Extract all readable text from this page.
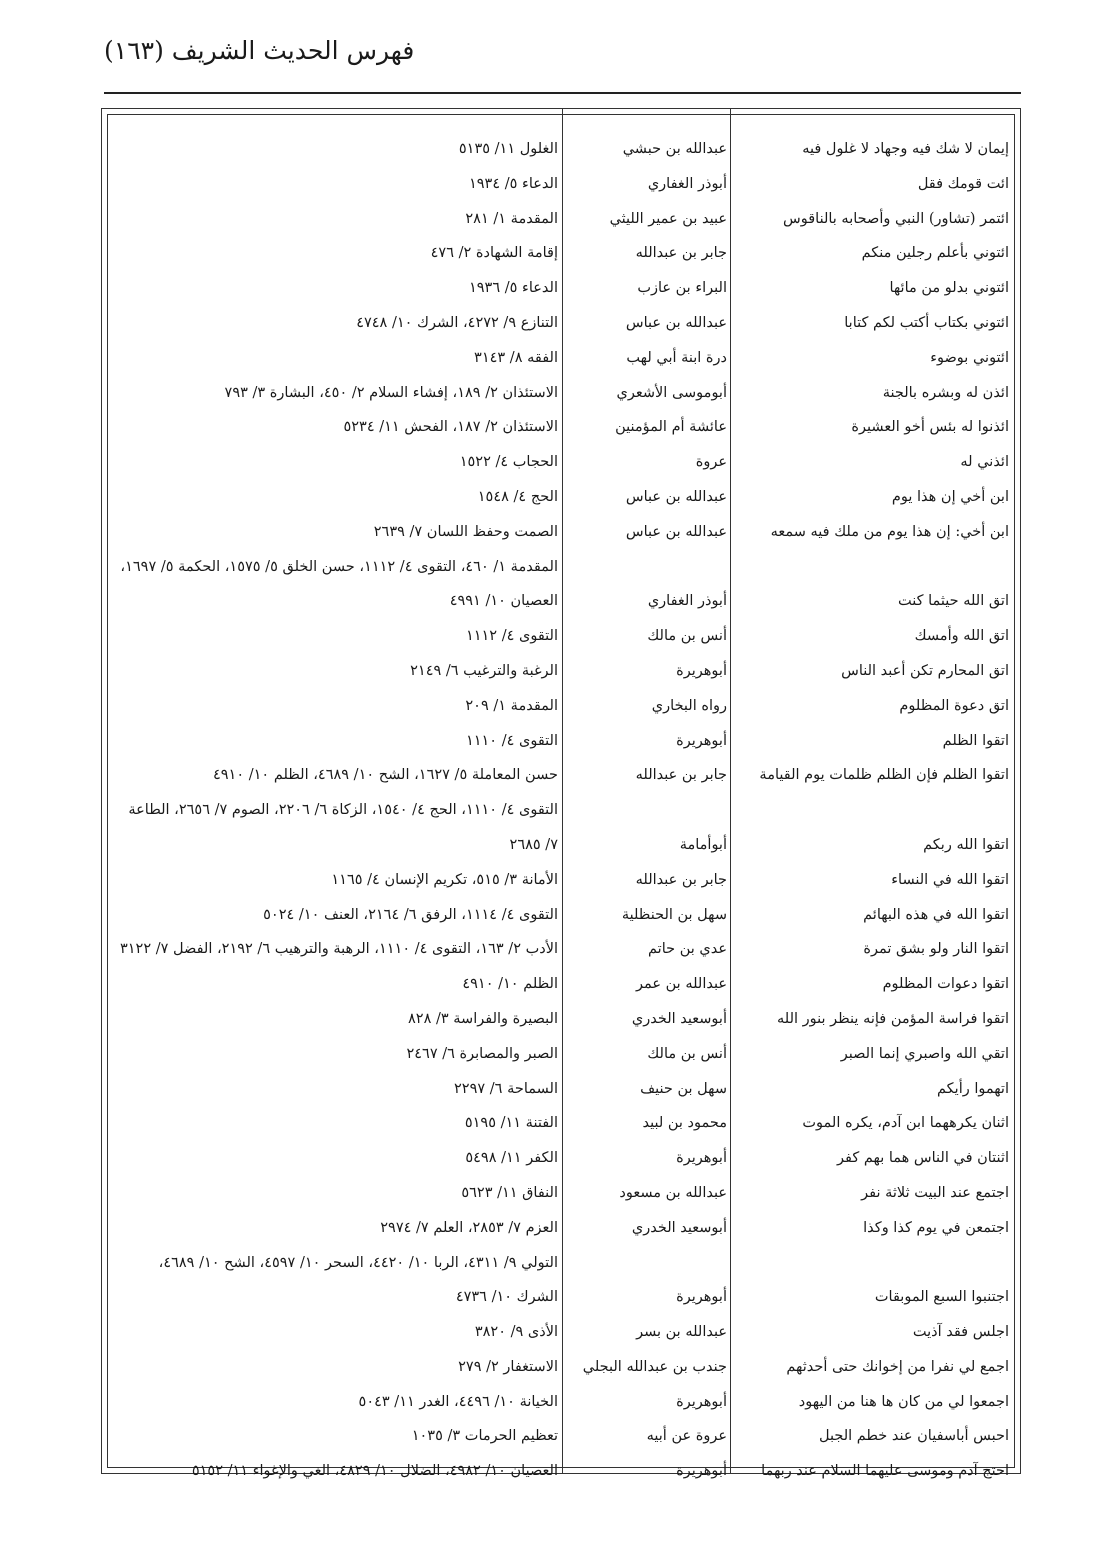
فهرس الحديث الشريف (١٦٣)
إيمان لا شك فيه وجهاد لا غلول فيه
عبدالله بن حبشي
الغلول ١١/ ٥١٣٥
ائت قومك فقل
أبوذر الغفاري
الدعاء ٥/ ١٩٣٤
ائتمر (تشاور) النبي وأصحابه بالناقوس
عبيد بن عمير الليثي
المقدمة ١/ ٢٨١
ائتوني بأعلم رجلين منكم
جابر بن عبدالله
إقامة الشهادة ٢/ ٤٧٦
ائتوني بدلو من مائها
البراء بن عازب
الدعاء ٥/ ١٩٣٦
ائتوني بكتاب أكتب لكم كتابا
عبدالله بن عباس
التنازع ٩/ ٤٢٧٢، الشرك ١٠/ ٤٧٤٨
ائتوني بوضوء
درة ابنة أبي لهب
الفقه ٨/ ٣١٤٣
ائذن له وبشره بالجنة
أبوموسى الأشعري
الاستئذان ٢/ ١٨٩، إفشاء السلام ٢/ ٤٥٠، البشارة ٣/ ٧٩٣
ائذنوا له بئس أخو العشيرة
عائشة أم المؤمنين
الاستئذان ٢/ ١٨٧، الفحش ١١/ ٥٢٣٤
ائذني له
عروة
الحجاب ٤/ ١٥٢٢
ابن أخي إن هذا يوم
عبدالله بن عباس
الحج ٤/ ١٥٤٨
ابن أخي: إن هذا يوم من ملك فيه سمعه
عبدالله بن عباس
الصمت وحفظ اللسان ٧/ ٢٦٣٩
اتق الله حيثما كنت
أبوذر الغفاري
المقدمة ١/ ٤٦٠، التقوى ٤/ ١١١٢، حسن الخلق ٥/ ١٥٧٥، الحكمة ٥/ ١٦٩٧، العصيان ١٠/ ٤٩٩١
اتق الله وأمسك
أنس بن مالك
التقوى ٤/ ١١١٢
اتق المحارم تكن أعبد الناس
أبوهريرة
الرغبة والترغيب ٦/ ٢١٤٩
اتق دعوة المظلوم
رواه البخاري
المقدمة ١/ ٢٠٩
اتقوا الظلم
أبوهريرة
التقوى ٤/ ١١١٠
اتقوا الظلم فإن الظلم ظلمات يوم القيامة
جابر بن عبدالله
حسن المعاملة ٥/ ١٦٢٧، الشح ١٠/ ٤٦٨٩، الظلم ١٠/ ٤٩١٠
اتقوا الله ربكم
أبوأمامة
التقوى ٤/ ١١١٠، الحج ٤/ ١٥٤٠، الزكاة ٦/ ٢٢٠٦، الصوم ٧/ ٢٦٥٦، الطاعة ٧/ ٢٦٨٥
اتقوا الله في النساء
جابر بن عبدالله
الأمانة ٣/ ٥١٥، تكريم الإنسان ٤/ ١١٦٥
اتقوا الله في هذه البهائم
سهل بن الحنظلية
التقوى ٤/ ١١١٤، الرفق ٦/ ٢١٦٤، العنف ١٠/ ٥٠٢٤
اتقوا النار ولو بشق تمرة
عدي بن حاتم
الأدب ٢/ ١٦٣، التقوى ٤/ ١١١٠، الرهبة والترهيب ٦/ ٢١٩٢، الفضل ٧/ ٣١٢٢
اتقوا دعوات المظلوم
عبدالله بن عمر
الظلم ١٠/ ٤٩١٠
اتقوا فراسة المؤمن فإنه ينظر بنور الله
أبوسعيد الخدري
البصيرة والفراسة ٣/ ٨٢٨
اتقي الله واصبري إنما الصبر
أنس بن مالك
الصبر والمصابرة ٦/ ٢٤٦٧
اتهموا رأيكم
سهل بن حنيف
السماحة ٦/ ٢٢٩٧
اثنان يكرههما ابن آدم، يكره الموت
محمود بن لبيد
الفتنة ١١/ ٥١٩٥
اثنتان في الناس هما بهم كفر
أبوهريرة
الكفر ١١/ ٥٤٩٨
اجتمع عند البيت ثلاثة نفر
عبدالله بن مسعود
النفاق ١١/ ٥٦٢٣
اجتمعن في يوم كذا وكذا
أبوسعيد الخدري
العزم ٧/ ٢٨٥٣، العلم ٧/ ٢٩٧٤
اجتنبوا السبع الموبقات
أبوهريرة
التولي ٩/ ٤٣١١، الربا ١٠/ ٤٤٢٠، السحر ١٠/ ٤٥٩٧، الشح ١٠/ ٤٦٨٩، الشرك ١٠/ ٤٧٣٦
اجلس فقد آذيت
عبدالله بن بسر
الأذى ٩/ ٣٨٢٠
اجمع لي نفرا من إخوانك حتى أحدثهم
جندب بن عبدالله البجلي
الاستغفار ٢/ ٢٧٩
اجمعوا لي من كان ها هنا من اليهود
أبوهريرة
الخيانة ١٠/ ٤٤٩٦، الغدر ١١/ ٥٠٤٣
احبس أباسفيان عند خطم الجبل
عروة عن أبيه
تعظيم الحرمات ٣/ ١٠٣٥
احتج آدم وموسى عليهما السلام عند ربهما
أبوهريرة
العصيان ١٠/ ٤٩٨٢، الضلال ١٠/ ٤٨٢٩، الغي والإغواء ١١/ ٥١٥٢
